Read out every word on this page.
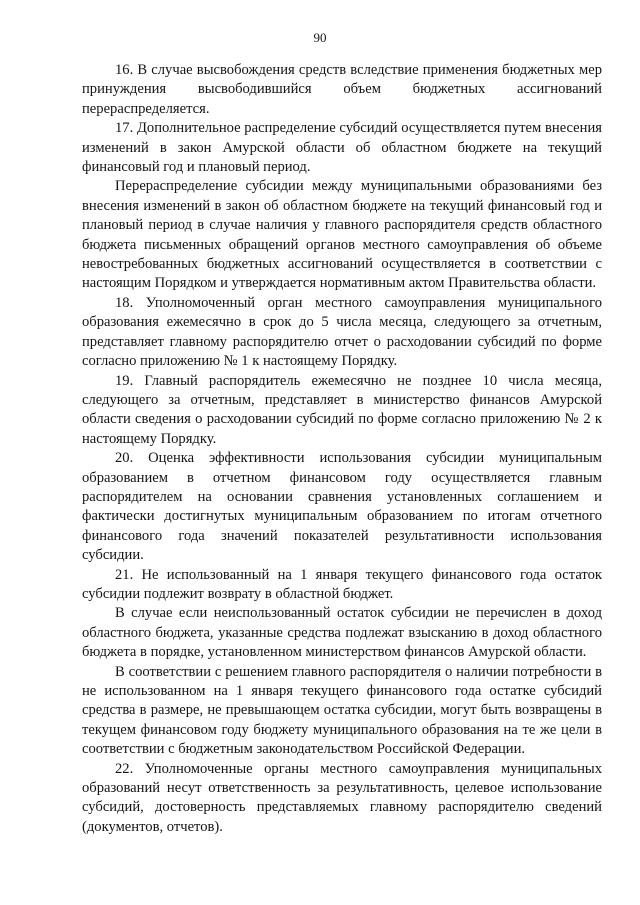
90

16. В случае высвобождения средств вследствие применения бюджетных мер принуждения высвободившийся объем бюджетных ассигнований перераспределяется.

17. Дополнительное распределение субсидий осуществляется путем внесения изменений в закон Амурской области об областном бюджете на текущий финансовый год и плановый период.

Перераспределение субсидии между муниципальными образованиями без внесения изменений в закон об областном бюджете на текущий финансовый год и плановый период в случае наличия у главного распорядителя средств областного бюджета письменных обращений органов местного самоуправления об объеме невостребованных бюджетных ассигнований осуществляется в соответствии с настоящим Порядком и утверждается нормативным актом Правительства области.

18. Уполномоченный орган местного самоуправления муниципального образования ежемесячно в срок до 5 числа месяца, следующего за отчетным, представляет главному распорядителю отчет о расходовании субсидий по форме согласно приложению № 1 к настоящему Порядку.

19. Главный распорядитель ежемесячно не позднее 10 числа месяца, следующего за отчетным, представляет в министерство финансов Амурской области сведения о расходовании субсидий по форме согласно приложению № 2 к настоящему Порядку.

20. Оценка эффективности использования субсидии муниципальным образованием в отчетном финансовом году осуществляется главным распорядителем на основании сравнения установленных соглашением и фактически достигнутых муниципальным образованием по итогам отчетного финансового года значений показателей результативности использования субсидии.

21. Не использованный на 1 января текущего финансового года остаток субсидии подлежит возврату в областной бюджет.

В случае если неиспользованный остаток субсидии не перечислен в доход областного бюджета, указанные средства подлежат взысканию в доход областного бюджета в порядке, установленном министерством финансов Амурской области.

В соответствии с решением главного распорядителя о наличии потребности в не использованном на 1 января текущего финансового года остатке субсидий средства в размере, не превышающем остатка субсидии, могут быть возвращены в текущем финансовом году бюджету муниципального образования на те же цели в соответствии с бюджетным законодательством Российской Федерации.

22. Уполномоченные органы местного самоуправления муниципальных образований несут ответственность за результативность, целевое использование субсидий, достоверность представляемых главному распорядителю сведений (документов, отчетов).
